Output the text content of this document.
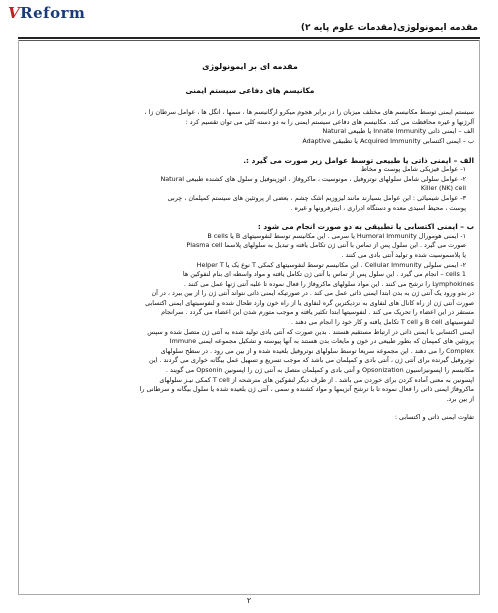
VReform
مقدمه ایمونولوژی(مقدمات علوم پایه ۲)

مقدمه ای بر ایمونولوژی

مکانیسم های دفاعی سیستم ایمنی

سیستم ایمنی توسط مکانیسم های مختلف میزبان را در برابر هجوم میکرو ارگانیسم ها ، سمها ، انگل ها ، عوامل سرطان زا ،

آلرژنها و غیره محافظت می کند. مکانیسم های دفاعی سیستم ایمنی را به دو دسته کلی می توان تقسیم کرد :

الف – ایمنی ذاتی Innate Immunity یا طبیعی Natural

ب – ایمنی اکتسابی Acquired Immunity یا تطبیقی Adaptive

الف – ایمنی ذاتی یا طبیعی توسط عوامل زیر صورت می گیرد :.

۱- عوامل فیزیکی شامل پوست و مخاط

۲- عوامل سلولی شامل سلولهای نوتروفیل ، مونوسیت ، ماکروفاژ ، ائوزینوفیل و سلول های کشنده طبیعی Natural

Killer (NK) cell

۳- عوامل شیمیائی : این عوامل بسیارند مانند لیزوزیم اشک چشم ، بعضی از پروتئین های سیستم کمپلمان ، چربی

پوست ، محیط اسیدی معده و دستگاه ادراری ، اینترفرونها و غیره .

ب – ایمنی اکتسابی یا تطبیقی به دو صورت انجام می شود :

۱- ایمنی هومورال Humoral Immunity یا سرمی . این مکانیسم توسط لنفوسیتهای B یا B cells

صورت می گیرد . این سلول پس از تماس با آنتی ژن تکامل یافته و تبدیل به سلولهای پلاسما Plasma cell

یا پلاسموسیت شده و تولید آنتی بادی می کنند .

۲- ایمنی سلولی Cellular Immunity . این مکانیسم توسط لنفوسیتهای کمکی T نوع یک یا Helper T

1 cells – انجام می گیرد . این سلول پس از تماس با آنتی ژن تکامل یافته و مواد واسطه ای بنام لنفوکین ها

Lymphokines را ترشح می کنند . این مواد سلولهای ماکروفاژ را فعال نموده تا علیه آنتی ژنها عمل می کنند .

در بدو ورود یک آنتی ژن به بدن ابتدا ایمنی ذاتی عمل می کند . در صورتیکه ایمنی ذاتی نتواند آنتی ژن را از بین ببرد ، در آن

صورت آنتی ژن از راه کانال های لنفاوی به نزدیکترین گره لنفاوی یا از راه خون وارد طحال شده و لنفوسیتهای ایمنی اکتسابی

مستقر در این اعضاء را تحریک می کند . لنفوسیتها ابتدا تکثیر یافته و موجب متورم شدن این اعضاء می گردد . سرانجام

لنفوسیتهای B cell و T cell تکامل یافته و کار خود را انجام می دهند .

ایمنی اکتسابی با ایمنی ذاتی در ارتباط مستقیم هستند . بدین صورت که آنتی بادی تولید شده به آنتی ژن متصل شده و سپس

پروتئین های کمپمان که بطور طبیعی در خون و مایعات بدن هستند به آنها پیوسته و تشکیل مجموعه ایمنی Immune

Complex را می دهند . این مجموعه سریعا توسط سلولهای نوتروفیل بلعیده شده و از بین می رود . در سطح سلولهای

نوتروفیل گیرنده برای آنتی ژن ، آنتی بادی و کمپلمان می باشد که موجب تسریع و تسهیل عمل بیگانه خواری می گردند . این

مکانیسم را اپسونیزاسیون Opsonization و آنتی بادی و کمپلمان متصل به آنتی ژن را اپسونین Opsonin می گویند .

اپسونین به معنی آماده کردن برای خوردن می باشد . از طرف دیگر لنفوکین های مترشحه از T cell کمکی نیـز سلولهای

ماکروفاژ ایمنی ذاتی را فعال نموده تا با ترشح آنزیمها و مواد کشنده و سمی ، آنتی ژن بلعیده شده یا سلول بیگانه و سرطانی را

از بین برد.

تفاوت ایمنی ذاتی و اکتسابی :

۲
